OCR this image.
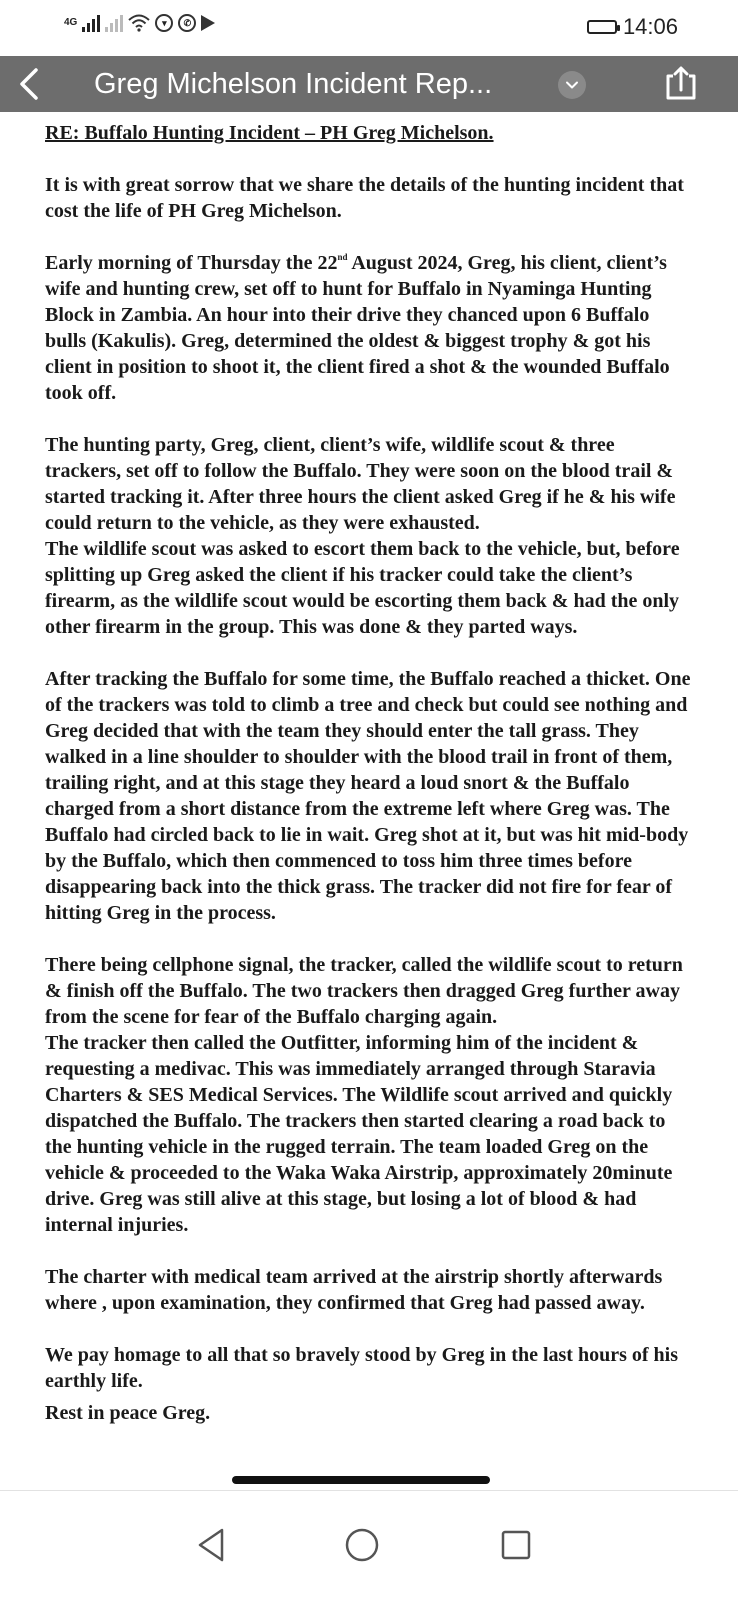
4G	▾	✆	14:06
Greg Michelson Incident Rep...

RE: Buffalo Hunting Incident – PH Greg Michelson.

It is with great sorrow that we share the details of the hunting incident that cost the life of PH Greg Michelson.

Early morning of Thursday the 22nd August 2024, Greg, his client, client’s wife and hunting crew, set off to hunt for Buffalo in Nyaminga Hunting Block in Zambia. An hour into their drive they chanced upon 6 Buffalo bulls (Kakulis). Greg, determined the oldest & biggest trophy & got his client in position to shoot it, the client fired a shot & the wounded Buffalo took off.

The hunting party, Greg, client, client’s wife, wildlife scout & three trackers, set off to follow the Buffalo. They were soon on the blood trail & started tracking it. After three hours the client asked Greg if he & his wife could return to the vehicle, as they were exhausted.
The wildlife scout was asked to escort them back to the vehicle, but, before splitting up Greg asked the client if his tracker could take the client’s firearm, as the wildlife scout would be escorting them back & had the only other firearm in the group. This was done & they parted ways.

After tracking the Buffalo for some time, the Buffalo reached a thicket. One of the trackers was told to climb a tree and check but could see nothing and Greg decided that with the team they should enter the tall grass. They walked in a line shoulder to shoulder with the blood trail in front of them, trailing right, and at this stage they heard a loud snort & the Buffalo charged from a short distance from the extreme left where Greg was. The Buffalo had circled back to lie in wait. Greg shot at it, but was hit mid-body by the Buffalo, which then commenced to toss him three times before disappearing back into the thick grass. The tracker did not fire for fear of hitting Greg in the process.

There being cellphone signal, the tracker, called the wildlife scout to return & finish off the Buffalo. The two trackers then dragged Greg further away from the scene for fear of the Buffalo charging again.
The tracker then called the Outfitter, informing him of the incident & requesting a medivac. This was immediately arranged through Staravia Charters & SES Medical Services. The Wildlife scout arrived and quickly dispatched the Buffalo. The trackers then started clearing a road back to the hunting vehicle in the rugged terrain. The team loaded Greg on the vehicle & proceeded to the Waka Waka Airstrip, approximately 20minute drive. Greg was still alive at this stage, but losing a lot of blood & had internal injuries.

The charter with medical team arrived at the airstrip shortly afterwards where , upon examination, they confirmed that Greg had passed away.

We pay homage to all that so bravely stood by Greg in the last hours of his earthly life.

Rest in peace Greg.
